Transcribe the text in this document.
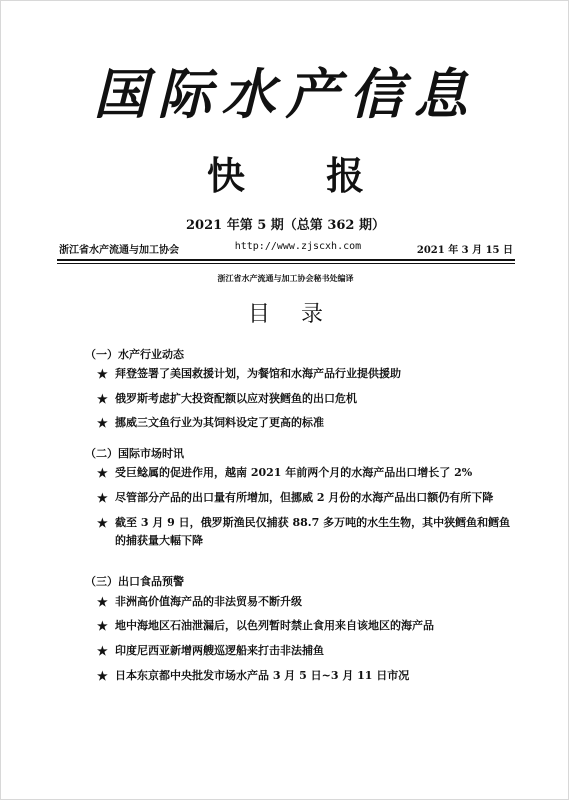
国际水产信息
快 报
2021 年第 5 期（总第 362 期）
浙江省水产流通与加工协会	http://www.zjscxh.com	2021 年 3 月 15 日
浙江省水产流通与加工协会秘书处编译
目 录
（一）水产行业动态
★ 拜登签署了美国救援计划，为餐馆和水海产品行业提供援助
★ 俄罗斯考虑扩大投资配额以应对狭鳕鱼的出口危机
★ 挪威三文鱼行业为其饲料设定了更高的标准
（二）国际市场时讯
★ 受巨鲶属的促进作用，越南 2021 年前两个月的水海产品出口增长了 2%
★ 尽管部分产品的出口量有所增加，但挪威 2 月份的水海产品出口额仍有所下降
★ 截至 3 月 9 日，俄罗斯渔民仅捕获 88.7 多万吨的水生生物，其中狭鳕鱼和鳕鱼的捕获量大幅下降
（三）出口食品预警
★ 非洲高价值海产品的非法贸易不断升级
★ 地中海地区石油泄漏后，以色列暂时禁止食用来自该地区的海产品
★ 印度尼西亚新增两艘巡逻船来打击非法捕鱼
★ 日本东京都中央批发市场水产品 3 月 5 日~3 月 11 日市况
